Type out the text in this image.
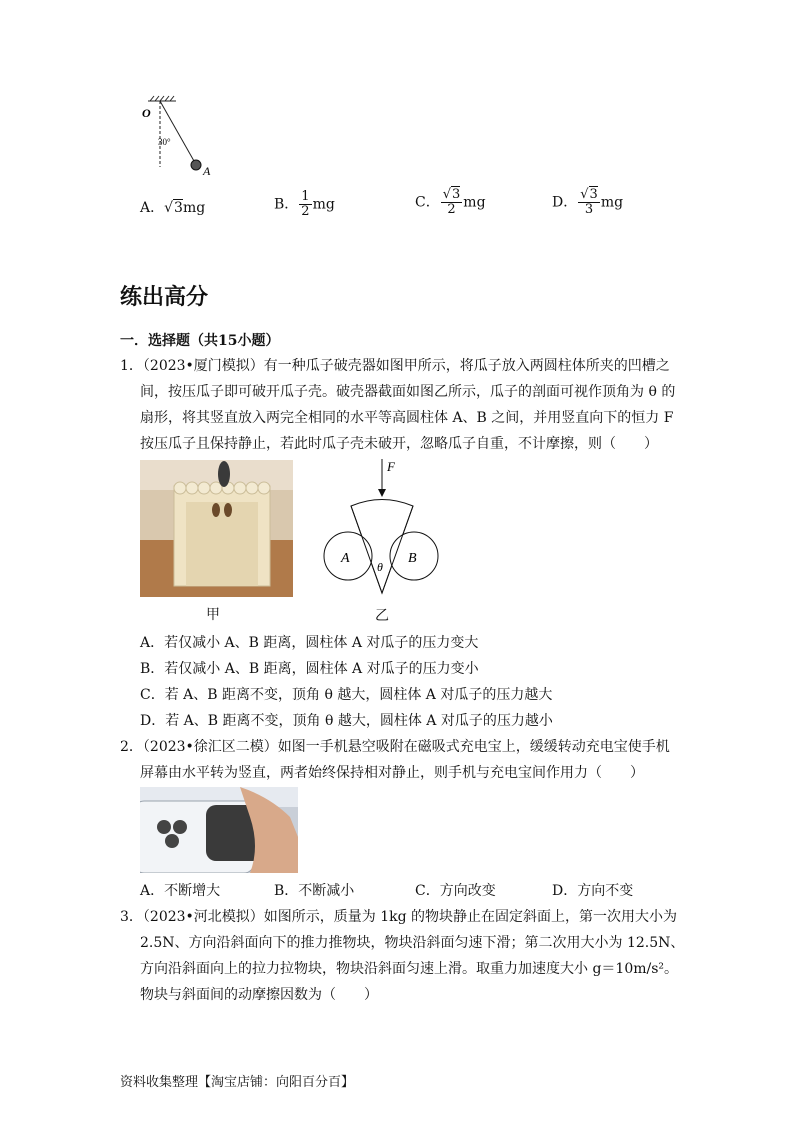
O
30°
A
A．√3mg	B． $\frac{1}{2}$ mg	C． $\frac{√3}{2}$ mg	D． $\frac{√3}{3}$ mg
练出高分
一．选择题（共15小题）
1．（2023•厦门模拟）有一种瓜子破壳器如图甲所示，将瓜子放入两圆柱体所夹的凹槽之
间，按压瓜子即可破开瓜子壳。破壳器截面如图乙所示，瓜子的剖面可视作顶角为 θ 的
扇形，将其竖直放入两完全相同的水平等高圆柱体 A、B 之间，并用竖直向下的恒力 F
按压瓜子且保持静止，若此时瓜子壳未破开，忽略瓜子自重，不计摩擦，则（　　）
甲
F
A	B
θ
乙
A．若仅减小 A、B 距离，圆柱体 A 对瓜子的压力变大
B．若仅减小 A、B 距离，圆柱体 A 对瓜子的压力变小
C．若 A、B 距离不变，顶角 θ 越大，圆柱体 A 对瓜子的压力越大
D．若 A、B 距离不变，顶角 θ 越大，圆柱体 A 对瓜子的压力越小
2．（2023•徐汇区二模）如图一手机悬空吸附在磁吸式充电宝上，缓缓转动充电宝使手机
屏幕由水平转为竖直，两者始终保持相对静止，则手机与充电宝间作用力（　　）
A．不断增大	B．不断减小	C．方向改变	D．方向不变
3．（2023•河北模拟）如图所示，质量为 1kg 的物块静止在固定斜面上，第一次用大小为
2.5N、方向沿斜面向下的推力推物块，物块沿斜面匀速下滑；第二次用大小为 12.5N、
方向沿斜面向上的拉力拉物块，物块沿斜面匀速上滑。取重力加速度大小 g＝10m/s²。
物块与斜面间的动摩擦因数为（　　）
资料收集整理【淘宝店铺：向阳百分百】
